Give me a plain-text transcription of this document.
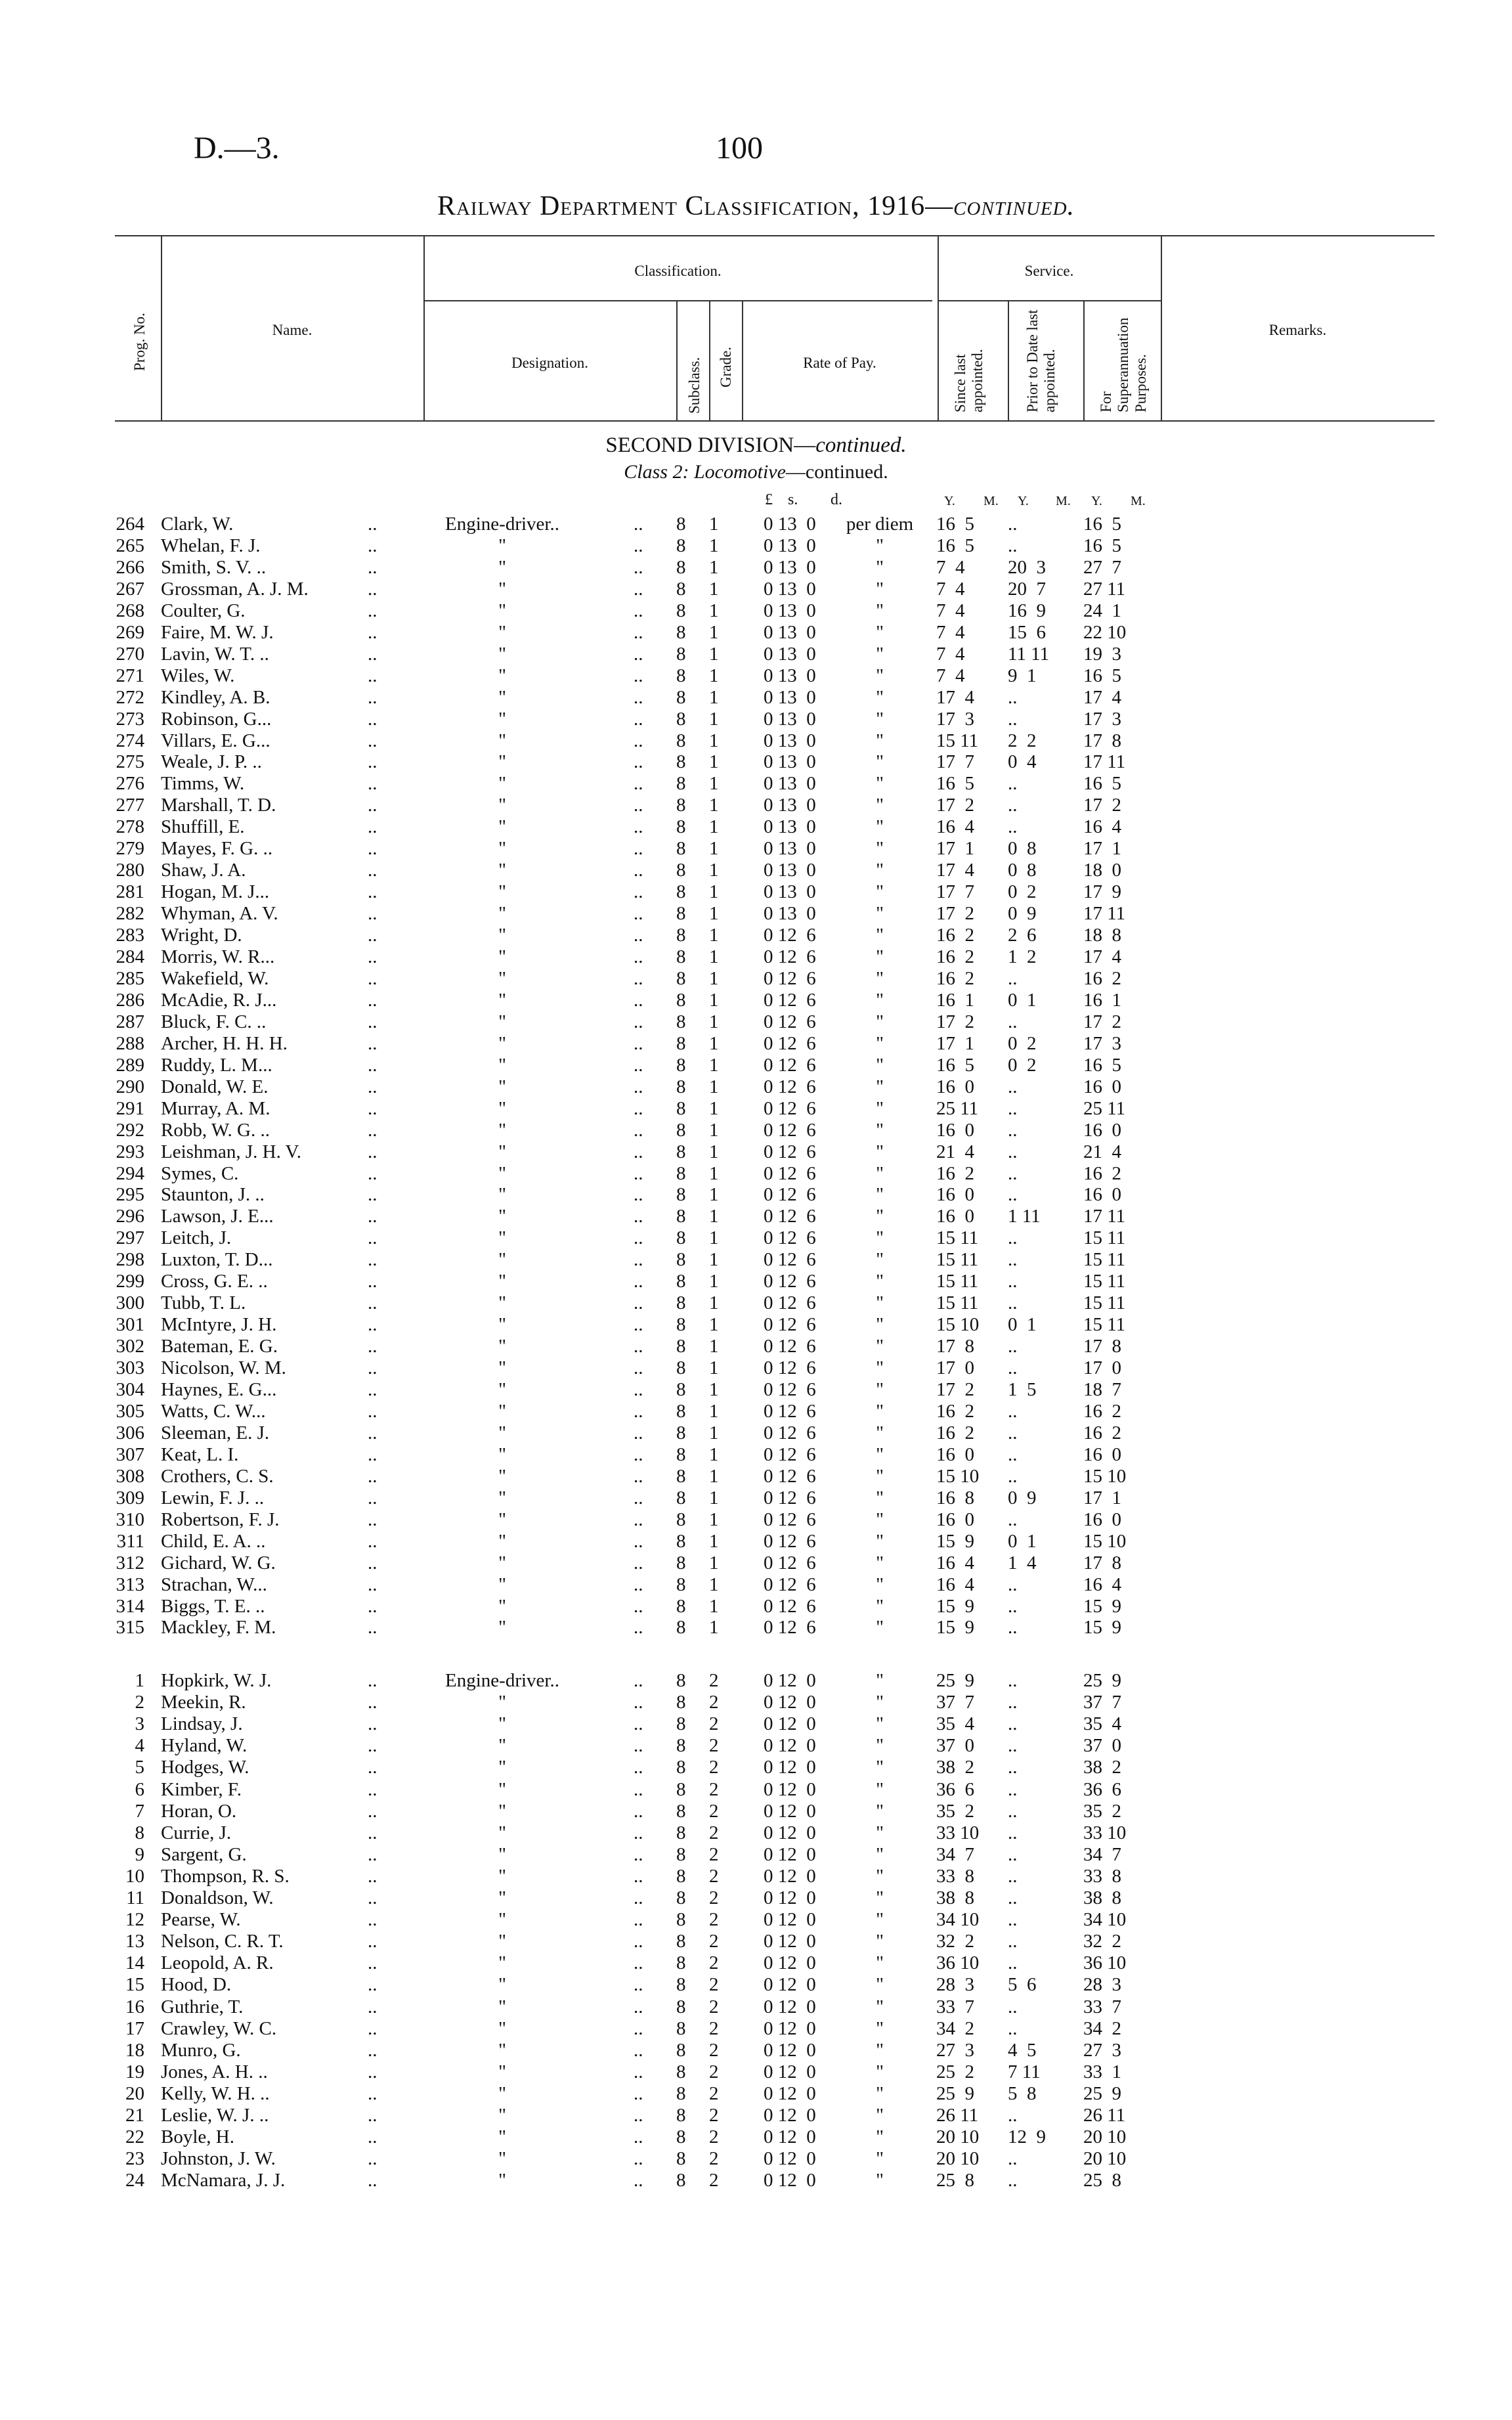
D.—3.	100
Railway Department Classification, 1916—continued.
Prog. No.	Name.
Classification.
Designation.	Subclass. Grade.	Rate of Pay.
Service.
Since last appointed.	Prior to Date last appointed.	For Superannuation Purposes.
Remarks.
SECOND DIVISION—continued.
Class 2: Locomotive—continued.
£ s. d.	Y. M. Y. M. Y. M.
264 Clark, W.	..	Engine-driver..	.. 8 1 0 13  0	per diem	16  5	..	16  5
265 Whelan, F. J.	..	"	.. 8 1 0 13  0	"	16  5	..	16  5
266 Smith, S. V. ..	..	"	.. 8 1 0 13  0	"	7  4	20  3	27  7
267 Grossman, A. J. M.	..	"	.. 8 1 0 13  0	"	7  4	20  7	27 11
268 Coulter, G.	..	"	.. 8 1 0 13  0	"	7  4	16  9	24  1
269 Faire, M. W. J.	..	"	.. 8 1 0 13  0	"	7  4	15  6	22 10
270 Lavin, W. T. ..	..	"	.. 8 1 0 13  0	"	7  4	11 11	19  3
271 Wiles, W.	..	"	.. 8 1 0 13  0	"	7  4	9  1	16  5
272 Kindley, A. B.	..	"	.. 8 1 0 13  0	"	17  4	..	17  4
273 Robinson, G...	..	"	.. 8 1 0 13  0	"	17  3	..	17  3
274 Villars, E. G...	..	"	.. 8 1 0 13  0	"	15 11	2  2	17  8
275 Weale, J. P. ..	..	"	.. 8 1 0 13  0	"	17  7	0  4	17 11
276 Timms, W.	..	"	.. 8 1 0 13  0	"	16  5	..	16  5
277 Marshall, T. D.	..	"	.. 8 1 0 13  0	"	17  2	..	17  2
278 Shuffill, E.	..	"	.. 8 1 0 13  0	"	16  4	..	16  4
279 Mayes, F. G. ..	..	"	.. 8 1 0 13  0	"	17  1	0  8	17  1
280 Shaw, J. A.	..	"	.. 8 1 0 13  0	"	17  4	0  8	18  0
281 Hogan, M. J...	..	"	.. 8 1 0 13  0	"	17  7	0  2	17  9
282 Whyman, A. V.	..	"	.. 8 1 0 13  0	"	17  2	0  9	17 11
283 Wright, D.	..	"	.. 8 1 0 12  6	"	16  2	2  6	18  8
284 Morris, W. R...	..	"	.. 8 1 0 12  6	"	16  2	1  2	17  4
285 Wakefield, W.	..	"	.. 8 1 0 12  6	"	16  2	..	16  2
286 McAdie, R. J...	..	"	.. 8 1 0 12  6	"	16  1	0  1	16  1
287 Bluck, F. C. ..	..	"	.. 8 1 0 12  6	"	17  2	..	17  2
288 Archer, H. H. H.	..	"	.. 8 1 0 12  6	"	17  1	0  2	17  3
289 Ruddy, L. M...	..	"	.. 8 1 0 12  6	"	16  5	0  2	16  5
290 Donald, W. E.	..	"	.. 8 1 0 12  6	"	16  0	..	16  0
291 Murray, A. M.	..	"	.. 8 1 0 12  6	"	25 11	..	25 11
292 Robb, W. G. ..	..	"	.. 8 1 0 12  6	"	16  0	..	16  0
293 Leishman, J. H. V.	..	"	.. 8 1 0 12  6	"	21  4	..	21  4
294 Symes, C.	..	"	.. 8 1 0 12  6	"	16  2	..	16  2
295 Staunton, J. ..	..	"	.. 8 1 0 12  6	"	16  0	..	16  0
296 Lawson, J. E...	..	"	.. 8 1 0 12  6	"	16  0	1 11	17 11
297 Leitch, J.	..	"	.. 8 1 0 12  6	"	15 11	..	15 11
298 Luxton, T. D...	..	"	.. 8 1 0 12  6	"	15 11	..	15 11
299 Cross, G. E. ..	..	"	.. 8 1 0 12  6	"	15 11	..	15 11
300 Tubb, T. L.	..	"	.. 8 1 0 12  6	"	15 11	..	15 11
301 McIntyre, J. H.	..	"	.. 8 1 0 12  6	"	15 10	0  1	15 11
302 Bateman, E. G.	..	"	.. 8 1 0 12  6	"	17  8	..	17  8
303 Nicolson, W. M.	..	"	.. 8 1 0 12  6	"	17  0	..	17  0
304 Haynes, E. G...	..	"	.. 8 1 0 12  6	"	17  2	1  5	18  7
305 Watts, C. W...	..	"	.. 8 1 0 12  6	"	16  2	..	16  2
306 Sleeman, E. J.	..	"	.. 8 1 0 12  6	"	16  2	..	16  2
307 Keat, L. I.	..	"	.. 8 1 0 12  6	"	16  0	..	16  0
308 Crothers, C. S.	..	"	.. 8 1 0 12  6	"	15 10	..	15 10
309 Lewin, F. J. ..	..	"	.. 8 1 0 12  6	"	16  8	0  9	17  1
310 Robertson, F. J.	..	"	.. 8 1 0 12  6	"	16  0	..	16  0
311 Child, E. A. ..	..	"	.. 8 1 0 12  6	"	15  9	0  1	15 10
312 Gichard, W. G.	..	"	.. 8 1 0 12  6	"	16  4	1  4	17  8
313 Strachan, W...	..	"	.. 8 1 0 12  6	"	16  4	..	16  4
314 Biggs, T. E. ..	..	"	.. 8 1 0 12  6	"	15  9	..	15  9
315 Mackley, F. M.	..	"	.. 8 1 0 12  6	"	15  9	..	15  9
1 Hopkirk, W. J.	..	Engine-driver..	.. 8 2 0 12  0	"	25  9	..	25  9
2 Meekin, R.	..	"	.. 8 2 0 12  0	"	37  7	..	37  7
3 Lindsay, J.	..	"	.. 8 2 0 12  0	"	35  4	..	35  4
4 Hyland, W.	..	"	.. 8 2 0 12  0	"	37  0	..	37  0
5 Hodges, W.	..	"	.. 8 2 0 12  0	"	38  2	..	38  2
6 Kimber, F.	..	"	.. 8 2 0 12  0	"	36  6	..	36  6
7 Horan, O.	..	"	.. 8 2 0 12  0	"	35  2	..	35  2
8 Currie, J.	..	"	.. 8 2 0 12  0	"	33 10	..	33 10
9 Sargent, G.	..	"	.. 8 2 0 12  0	"	34  7	..	34  7
10 Thompson, R. S.	..	"	.. 8 2 0 12  0	"	33  8	..	33  8
11 Donaldson, W.	..	"	.. 8 2 0 12  0	"	38  8	..	38  8
12 Pearse, W.	..	"	.. 8 2 0 12  0	"	34 10	..	34 10
13 Nelson, C. R. T.	..	"	.. 8 2 0 12  0	"	32  2	..	32  2
14 Leopold, A. R.	..	"	.. 8 2 0 12  0	"	36 10	..	36 10
15 Hood, D.	..	"	.. 8 2 0 12  0	"	28  3	5  6	28  3
16 Guthrie, T.	..	"	.. 8 2 0 12  0	"	33  7	..	33  7
17 Crawley, W. C.	..	"	.. 8 2 0 12  0	"	34  2	..	34  2
18 Munro, G.	..	"	.. 8 2 0 12  0	"	27  3	4  5	27  3
19 Jones, A. H. ..	..	"	.. 8 2 0 12  0	"	25  2	7 11	33  1
20 Kelly, W. H. ..	..	"	.. 8 2 0 12  0	"	25  9	5  8	25  9
21 Leslie, W. J. ..	..	"	.. 8 2 0 12  0	"	26 11	..	26 11
22 Boyle, H.	..	"	.. 8 2 0 12  0	"	20 10	12  9	20 10
23 Johnston, J. W.	..	"	.. 8 2 0 12  0	"	20 10	..	20 10
24 McNamara, J. J.	..	"	.. 8 2 0 12  0	"	25  8	..	25  8
